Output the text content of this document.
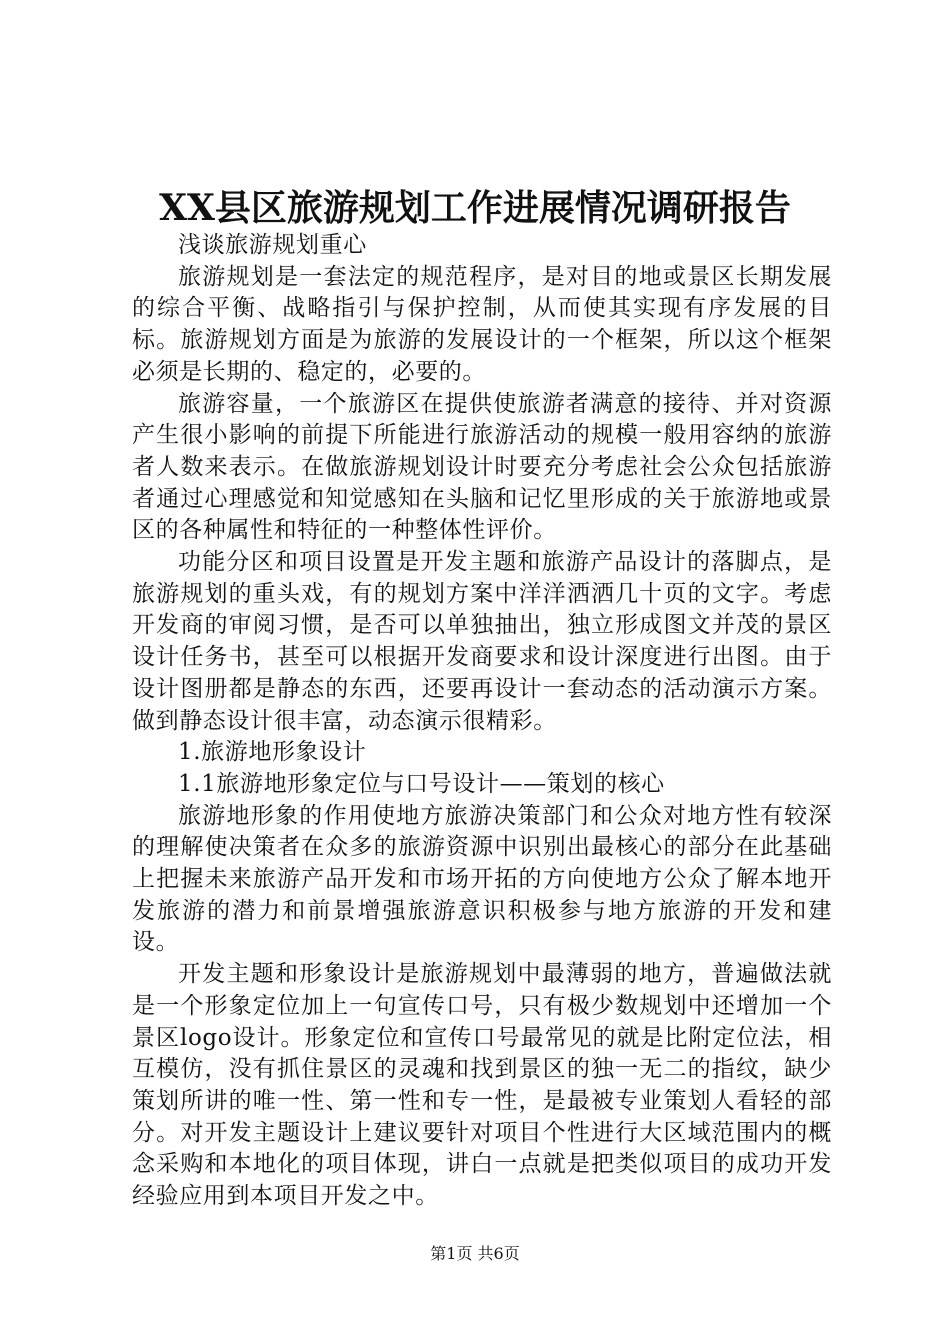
XX县区旅游规划工作进展情况调研报告

浅谈旅游规划重心

旅游规划是一套法定的规范程序，是对目的地或景区长期发展的综合平衡、战略指引与保护控制，从而使其实现有序发展的目标。旅游规划方面是为旅游的发展设计的一个框架，所以这个框架必须是长期的、稳定的，必要的。

旅游容量，一个旅游区在提供使旅游者满意的接待、并对资源产生很小影响的前提下所能进行旅游活动的规模一般用容纳的旅游者人数来表示。在做旅游规划设计时要充分考虑社会公众包括旅游者通过心理感觉和知觉感知在头脑和记忆里形成的关于旅游地或景区的各种属性和特征的一种整体性评价。

功能分区和项目设置是开发主题和旅游产品设计的落脚点，是旅游规划的重头戏，有的规划方案中洋洋洒洒几十页的文字。考虑开发商的审阅习惯，是否可以单独抽出，独立形成图文并茂的景区设计任务书，甚至可以根据开发商要求和设计深度进行出图。由于设计图册都是静态的东西，还要再设计一套动态的活动演示方案。做到静态设计很丰富，动态演示很精彩。

1.旅游地形象设计

1.1旅游地形象定位与口号设计——策划的核心

旅游地形象的作用使地方旅游决策部门和公众对地方性有较深的理解使决策者在众多的旅游资源中识别出最核心的部分在此基础上把握未来旅游产品开发和市场开拓的方向使地方公众了解本地开发旅游的潜力和前景增强旅游意识积极参与地方旅游的开发和建设。

开发主题和形象设计是旅游规划中最薄弱的地方，普遍做法就是一个形象定位加上一句宣传口号，只有极少数规划中还增加一个景区logo设计。形象定位和宣传口号最常见的就是比附定位法，相互模仿，没有抓住景区的灵魂和找到景区的独一无二的指纹，缺少策划所讲的唯一性、第一性和专一性，是最被专业策划人看轻的部分。对开发主题设计上建议要针对项目个性进行大区域范围内的概念采购和本地化的项目体现，讲白一点就是把类似项目的成功开发经验应用到本项目开发之中。

第1页 共6页
